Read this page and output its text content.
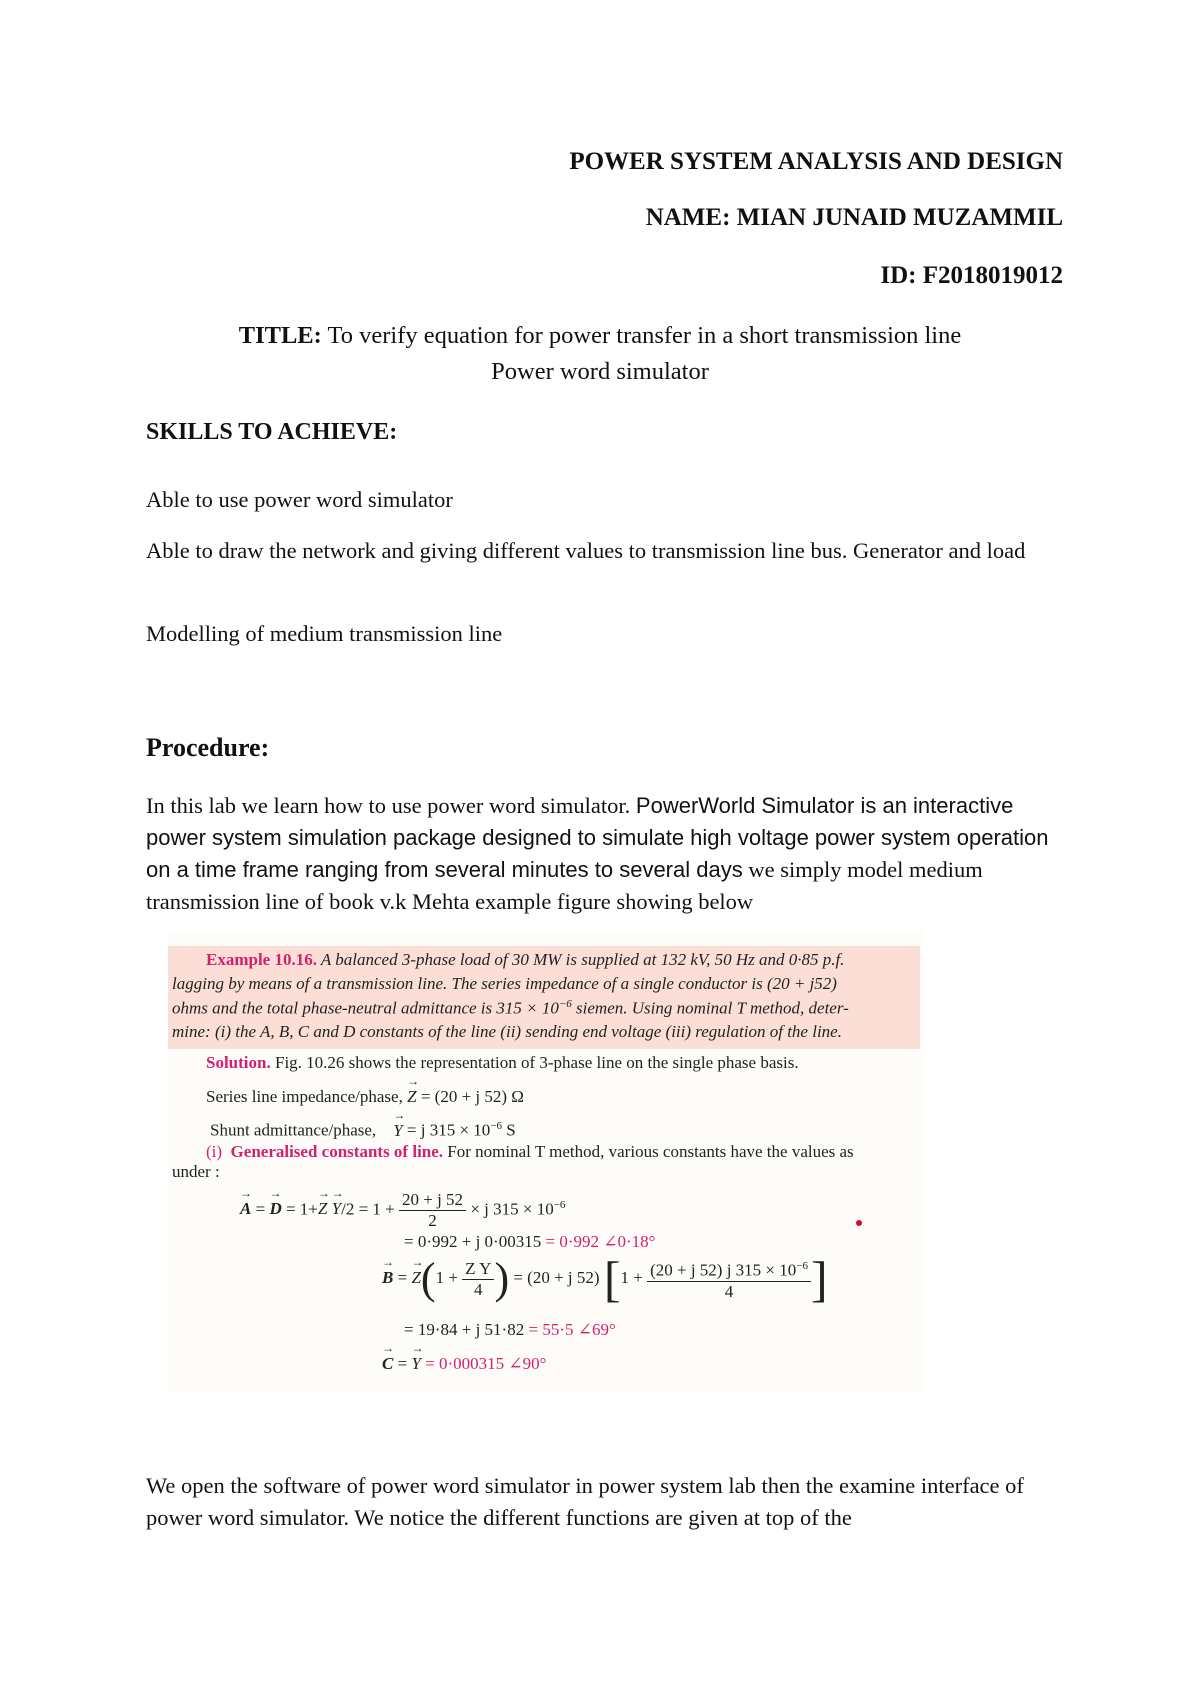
POWER SYSTEM ANALYSIS AND DESIGN
NAME: MIAN JUNAID MUZAMMIL
ID: F2018019012
TITLE: To verify equation for power transfer in a short transmission line
Power word simulator
SKILLS TO ACHIEVE:
Able to use power word simulator
Able to draw the network and giving different values to transmission line bus. Generator and load
Modelling of medium transmission line
Procedure:
In this lab we learn how to use power word simulator. PowerWorld Simulator is an interactive power system simulation package designed to simulate high voltage power system operation on a time frame ranging from several minutes to several days we simply model medium transmission line of book v.k Mehta example figure showing below
Example 10.16. A balanced 3-phase load of 30 MW is supplied at 132 kV, 50 Hz and 0·85 p.f.
lagging by means of a transmission line. The series impedance of a single conductor is (20 + j52)
ohms and the total phase-neutral admittance is $315 \times 10^{-6}$ siemen. Using nominal T method, deter-
mine: (i) the A, B, C and D constants of the line (ii) sending end voltage (iii) regulation of the line.
Solution. Fig. 10.26 shows the representation of 3-phase line on the single phase basis.
Series line impedance/phase, → Z = (20 + j 52) Ω
Shunt admittance/phase, → Y = j $315 \times 10^{-6}$ S
(i) Generalised constants of line. For nominal T method, various constants have the values as
under :
→ A = → $D = 1+\to Z \to Y/2 = 1 + \frac{20 + j 52}{2} \times j$ $315 \times 10^{-6}$
= 0·992 + j 0·00315 = 0·992 ∠0·18°
→ B = → $Z(1 + \frac{\text{Z Y}}{4}$ ) = (20 + j 52) [$1 + \frac{(20 + j 52) j 315 \times 10^{-6}}{4}$ ]
= 19·84 + j 51·82 = 55·5 ∠69°
→ C = → Y = 0·000315 ∠90°
We open the software of power word simulator in power system lab then the examine interface of power word simulator. We notice the different functions are given at top of the
